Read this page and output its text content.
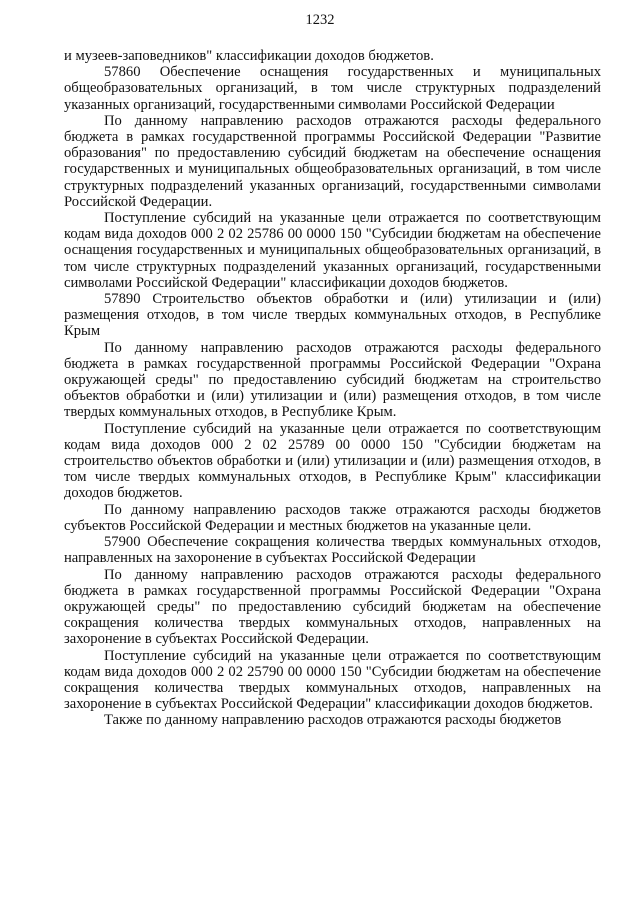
1232

и музеев-заповедников" классификации доходов бюджетов.

57860 Обеспечение оснащения государственных и муниципальных общеобразовательных организаций, в том числе структурных подразделений указанных организаций, государственными символами Российской Федерации

По данному направлению расходов отражаются расходы федерального бюджета в рамках государственной программы Российской Федерации "Развитие образования" по предоставлению субсидий бюджетам на обеспечение оснащения государственных и муниципальных общеобразовательных организаций, в том числе структурных подразделений указанных организаций, государственными символами Российской Федерации.

Поступление субсидий на указанные цели отражается по соответствующим кодам вида доходов 000 2 02 25786 00 0000 150 "Субсидии бюджетам на обеспечение оснащения государственных и муниципальных общеобразовательных организаций, в том числе структурных подразделений указанных организаций, государственными символами Российской Федерации" классификации доходов бюджетов.

57890 Строительство объектов обработки и (или) утилизации и (или) размещения отходов, в том числе твердых коммунальных отходов, в Республике Крым

По данному направлению расходов отражаются расходы федерального бюджета в рамках государственной программы Российской Федерации "Охрана окружающей среды" по предоставлению субсидий бюджетам на строительство объектов обработки и (или) утилизации и (или) размещения отходов, в том числе твердых коммунальных отходов, в Республике Крым.

Поступление субсидий на указанные цели отражается по соответствующим кодам вида доходов 000 2 02 25789 00 0000 150 "Субсидии бюджетам на строительство объектов обработки и (или) утилизации и (или) размещения отходов, в том числе твердых коммунальных отходов, в Республике Крым" классификации доходов бюджетов.

По данному направлению расходов также отражаются расходы бюджетов субъектов Российской Федерации и местных бюджетов на указанные цели.

57900 Обеспечение сокращения количества твердых коммунальных отходов, направленных на захоронение в субъектах Российской Федерации

По данному направлению расходов отражаются расходы федерального бюджета в рамках государственной программы Российской Федерации "Охрана окружающей среды" по предоставлению субсидий бюджетам на обеспечение сокращения количества твердых коммунальных отходов, направленных на захоронение в субъектах Российской Федерации.

Поступление субсидий на указанные цели отражается по соответствующим кодам вида доходов 000 2 02 25790 00 0000 150 "Субсидии бюджетам на обеспечение сокращения количества твердых коммунальных отходов, направленных на захоронение в субъектах Российской Федерации" классификации доходов бюджетов.

Также по данному направлению расходов отражаются расходы бюджетов
